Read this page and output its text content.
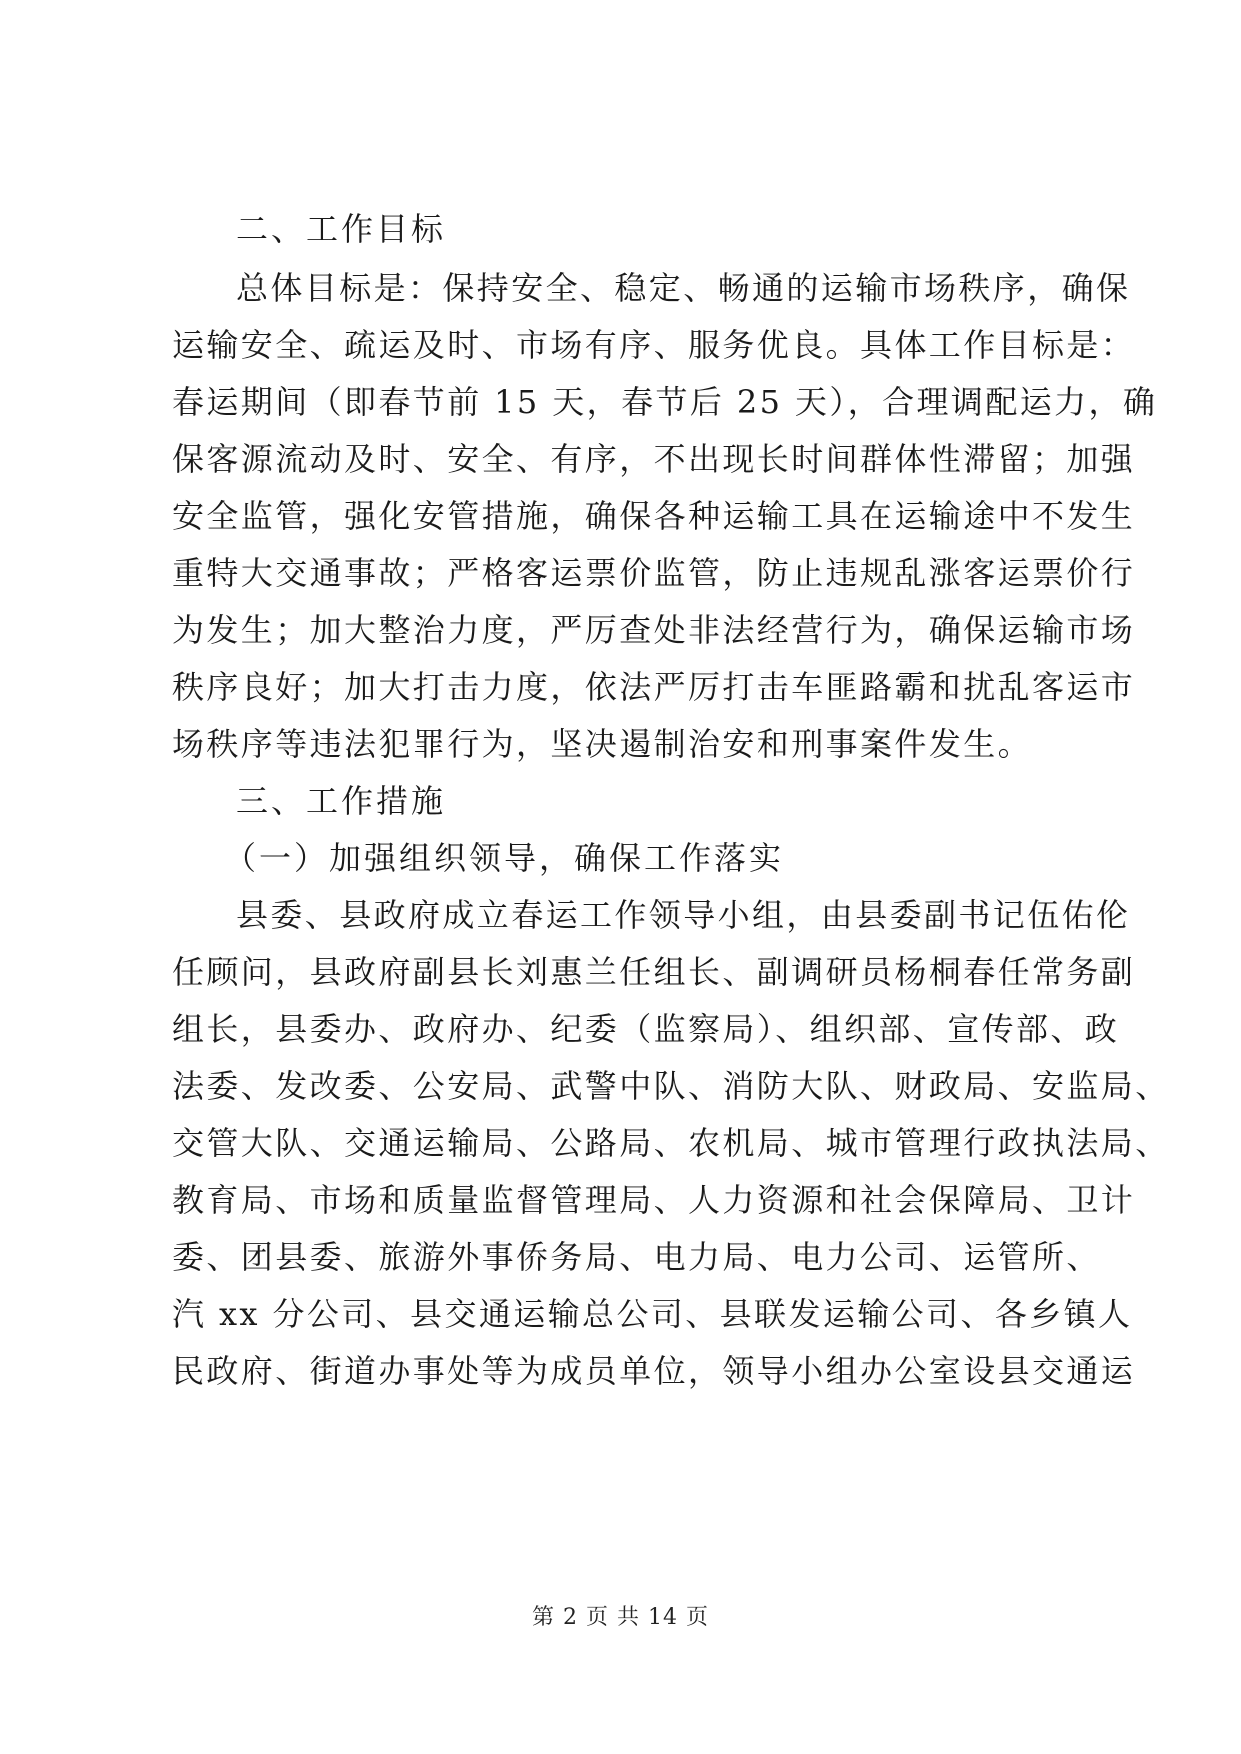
二、工作目标
总体目标是：保持安全、稳定、畅通的运输市场秩序，确保
运输安全、疏运及时、市场有序、服务优良。具体工作目标是：
春运期间（即春节前 15 天，春节后 25 天），合理调配运力，确
保客源流动及时、安全、有序，不出现长时间群体性滞留；加强
安全监管，强化安管措施，确保各种运输工具在运输途中不发生
重特大交通事故；严格客运票价监管，防止违规乱涨客运票价行
为发生；加大整治力度，严厉查处非法经营行为，确保运输市场
秩序良好；加大打击力度，依法严厉打击车匪路霸和扰乱客运市
场秩序等违法犯罪行为，坚决遏制治安和刑事案件发生。
三、工作措施
（一）加强组织领导，确保工作落实
县委、县政府成立春运工作领导小组，由县委副书记伍佑伦
任顾问，县政府副县长刘惠兰任组长、副调研员杨桐春任常务副
组长，县委办、政府办、纪委（监察局）、组织部、宣传部、政
法委、发改委、公安局、武警中队、消防大队、财政局、安监局、
交管大队、交通运输局、公路局、农机局、城市管理行政执法局、
教育局、市场和质量监督管理局、人力资源和社会保障局、卫计
委、团县委、旅游外事侨务局、电力局、电力公司、运管所、
汽 xx 分公司、县交通运输总公司、县联发运输公司、各乡镇人
民政府、街道办事处等为成员单位，领导小组办公室设县交通运
第 2 页 共 14 页
